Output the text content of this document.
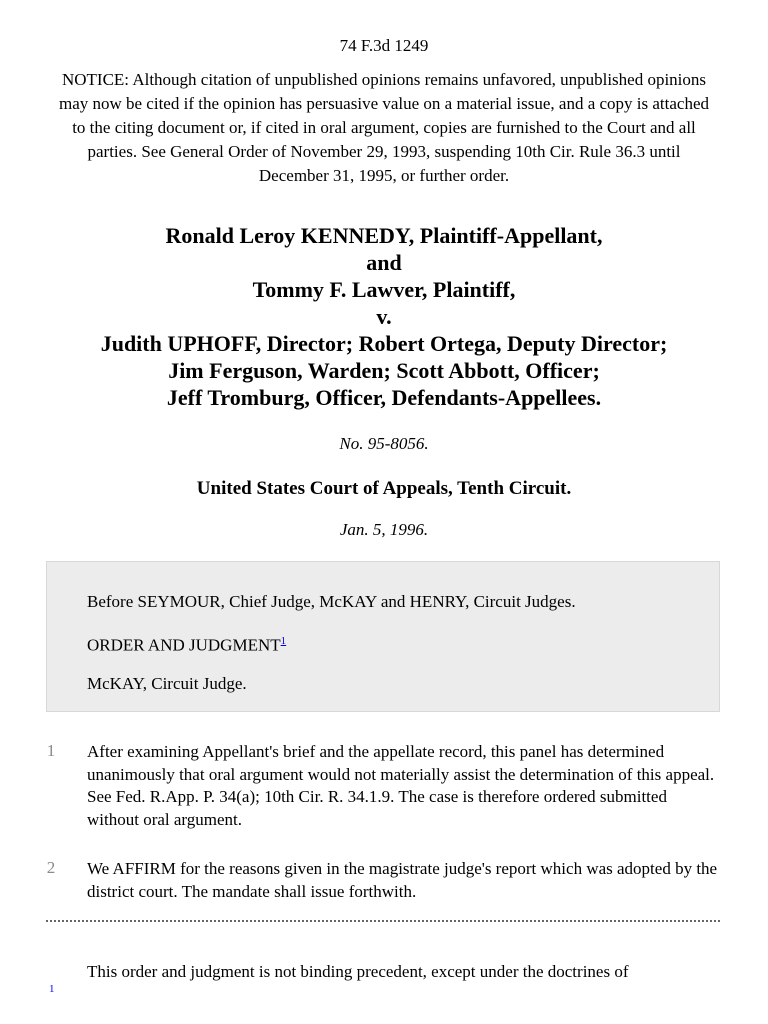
74 F.3d 1249
NOTICE: Although citation of unpublished opinions remains unfavored, unpublished opinions may now be cited if the opinion has persuasive value on a material issue, and a copy is attached to the citing document or, if cited in oral argument, copies are furnished to the Court and all parties. See General Order of November 29, 1993, suspending 10th Cir. Rule 36.3 until December 31, 1995, or further order.
Ronald Leroy KENNEDY, Plaintiff-Appellant,
and
Tommy F. Lawver, Plaintiff,
v.
Judith UPHOFF, Director; Robert Ortega, Deputy Director;
Jim Ferguson, Warden; Scott Abbott, Officer;
Jeff Tromburg, Officer, Defendants-Appellees.
No. 95-8056.
United States Court of Appeals, Tenth Circuit.
Jan. 5, 1996.
Before SEYMOUR, Chief Judge, McKAY and HENRY, Circuit Judges.
ORDER AND JUDGMENT$^1$
McKAY, Circuit Judge.
1 After examining Appellant's brief and the appellate record, this panel has determined unanimously that oral argument would not materially assist the determination of this appeal. See Fed. R.App. P. 34(a); 10th Cir. R. 34.1.9. The case is therefore ordered submitted without oral argument.
2 We AFFIRM for the reasons given in the magistrate judge's report which was adopted by the district court. The mandate shall issue forthwith.
This order and judgment is not binding precedent, except under the doctrines of
1
